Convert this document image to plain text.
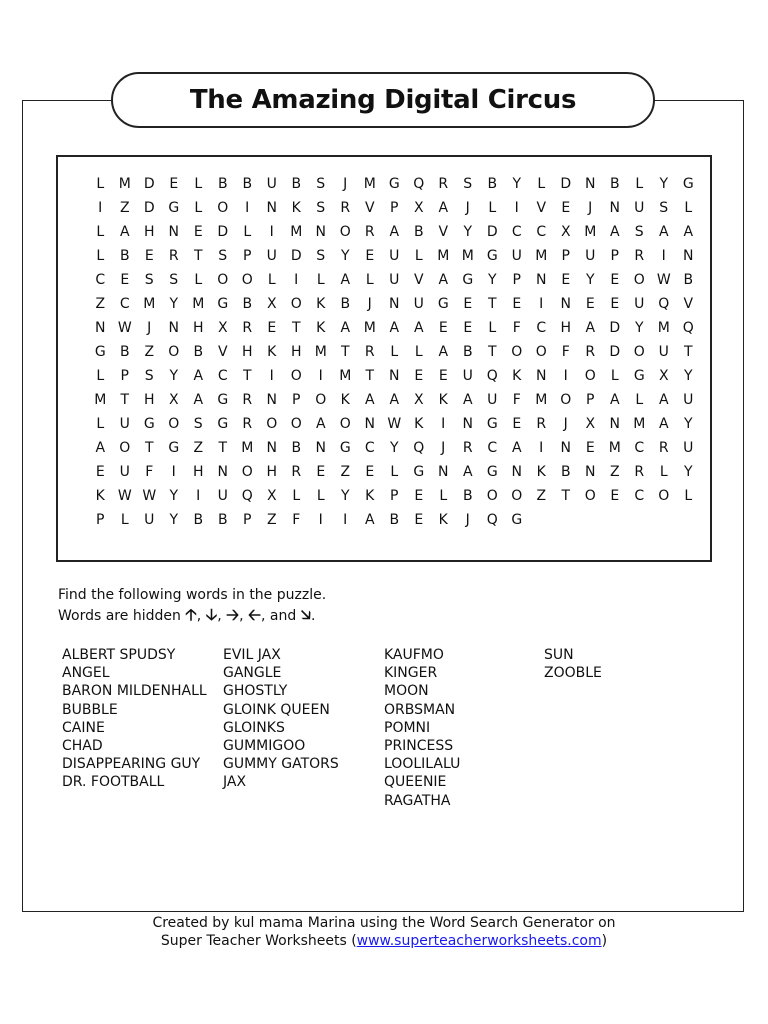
The Amazing Digital Circus
L	M D	E	L	B	B	U	B	S	J	M G Q	R	S	B	Y	L	D N	B	L	Y	G
I	Z	D G	L	O	I	N	K	S	R	V	P	X	A	J	L	I	V	E	J	N	U	S	L
L	A	H N	E	D	L	I	M N O	R	A	B	V	Y	D	C	C	X M A	S	A	A
L	B	E	R	T	S	P	U D	S	Y	E	U	L	M M G U M	P	U	P	R	I	N
C	E	S	S	L	O O	L	I	L	A	L	U	V	A	G	Y	P	N	E	Y	E	O W B
Z	C M	Y	M G	B	X	O	K	B	J	N	U G	E	T	E	I	N	E	E	U Q	V
N W	J	N	H	X	R	E	T	K	A M A	A	E	E	L	F	C	H	A	D	Y	M Q
G	B	Z	O	B	V	H	K	H M	T	R	L	L	A	B	T	O O	F	R	D O U	T
L	P	S	Y	A	C	T	I	O	I	M	T	N	E	E	U Q	K	N	I	O	L	G	X	Y
M	T	H	X	A	G	R	N	P	O	K	A	A	X	K	A	U	F	M O	P	A	L	A	U
L	U G O	S	G	R	O O	A	O N W K	I	N G	E	R	J	X	N M A	Y
A	O	T	G	Z	T	M N	B	N G	C	Y	Q	J	R	C	A	I	N	E	M C	R	U
E	U	F	I	H N O H	R	E	Z	E	L	G N	A	G N	K	B	N	Z	R	L	Y
K W W Y	I	U Q	X	L	L	Y	K	P	E	L	B	O O	Z	T	O	E	C	O	L
P	L	U	Y	B	B	P	Z	F	I	I	A	B	E	K	J	Q G
Find the following words in the puzzle.
Words are hidden 🡡, 🡣, 🡢, 🡠, and 🡦.
ALBERT SPUDSY
ANGEL
BARON MILDENHALL
BUBBLE
CAINE
CHAD
DISAPPEARING GUY
DR. FOOTBALL
EVIL JAX
GANGLE
GHOSTLY
GLOINK QUEEN
GLOINKS
GUMMIGOO
GUMMY GATORS
JAX
KAUFMO
KINGER
MOON
ORBSMAN
POMNI
PRINCESS
LOOLILALU
QUEENIE
RAGATHA
SUN
ZOOBLE
Created by kul mama Marina using the Word Search Generator on
Super Teacher Worksheets (www.superteacherworksheets.com)
